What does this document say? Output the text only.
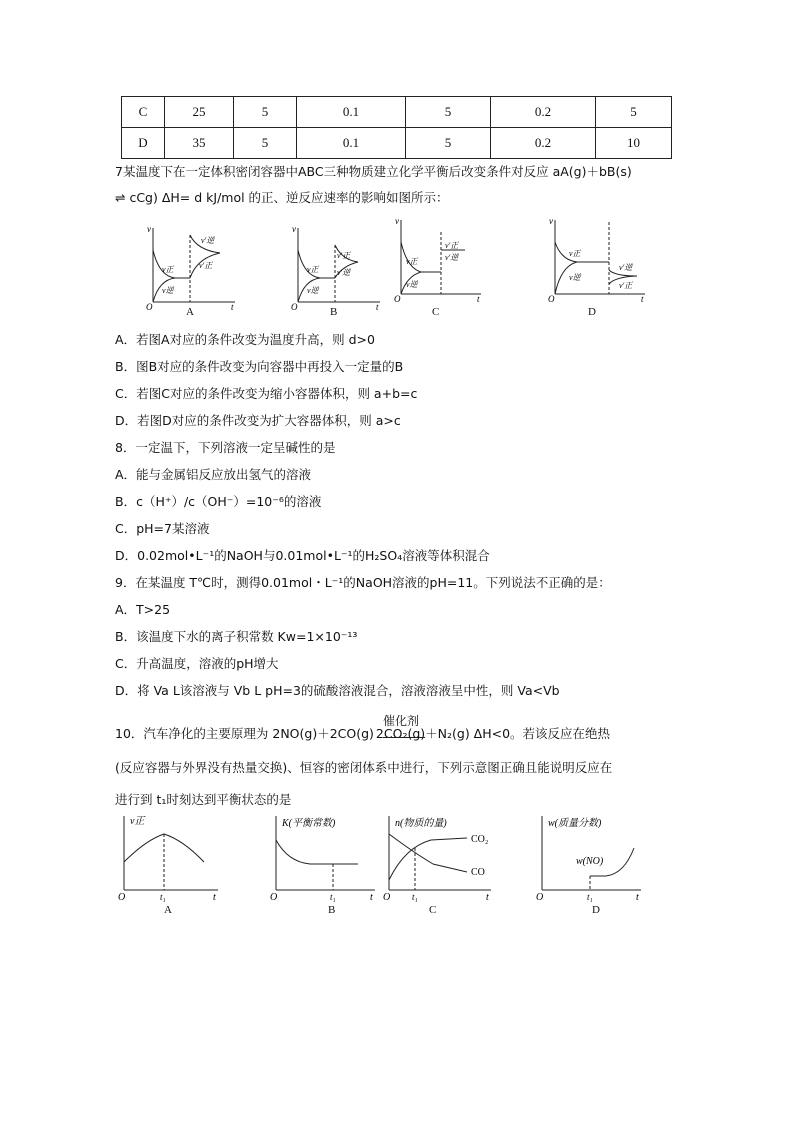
C	25	5	0.1	5	0.2	5
D	35	5	0.1	5	0.2	10
7某温度下在一定体积密闭容器中ABC三种物质建立化学平衡后改变条件对反应 aA(g)＋bB(s)
⇌ cCg) ΔH= d kJ/mol 的正、逆反应速率的影响如图所示：
v
O	t
v正
v逆
v'逆
v'正
A
v
O	t
v正
v逆
v'正
v'逆
B
v
O	t
v正
v逆
v'正
v'逆
C
v
O	t
v正
v逆
v'逆
v'正
D
A．若图A对应的条件改变为温度升高，则 d>0
B．图B对应的条件改变为向容器中再投入一定量的B
C．若图C对应的条件改变为缩小容器体积，则 a+b=c
D．若图D对应的条件改变为扩大容器体积，则 a>c
8．一定温下，下列溶液一定呈碱性的是
A．能与金属铝反应放出氢气的溶液
B．c（H⁺）/c（OH⁻）=10⁻⁶的溶液
C．pH=7某溶液
D．0.02mol•L⁻¹的NaOH与0.01mol•L⁻¹的H₂SO₄溶液等体积混合
9．在某温度 T℃时，测得0.01mol・L⁻¹的NaOH溶液的pH=11。下列说法不正确的是：
A．T>25
B．该温度下水的离子积常数 Kw=1×10⁻¹³
C．升高温度，溶液的pH增大
D．将 Va L该溶液与 Vb L pH=3的硫酸溶液混合，溶液溶液呈中性，则 Va<Vb
催化剂
10．汽车净化的主要原理为 2NO(g)＋2CO(g) 2CO₂(g)＋N₂(g) ΔH<0。若该反应在绝热
(反应容器与外界没有热量交换)、恒容的密闭体系中进行，下列示意图正确且能说明反应在
进行到 t₁时刻达到平衡状态的是
v正
O	t₁	t
A
K(平衡常数)
O	t₁	t
B
n(物质的量)
CO₂
CO
O t₁	t
C
w(质量分数)
w(NO)
O	t₁	t
D
